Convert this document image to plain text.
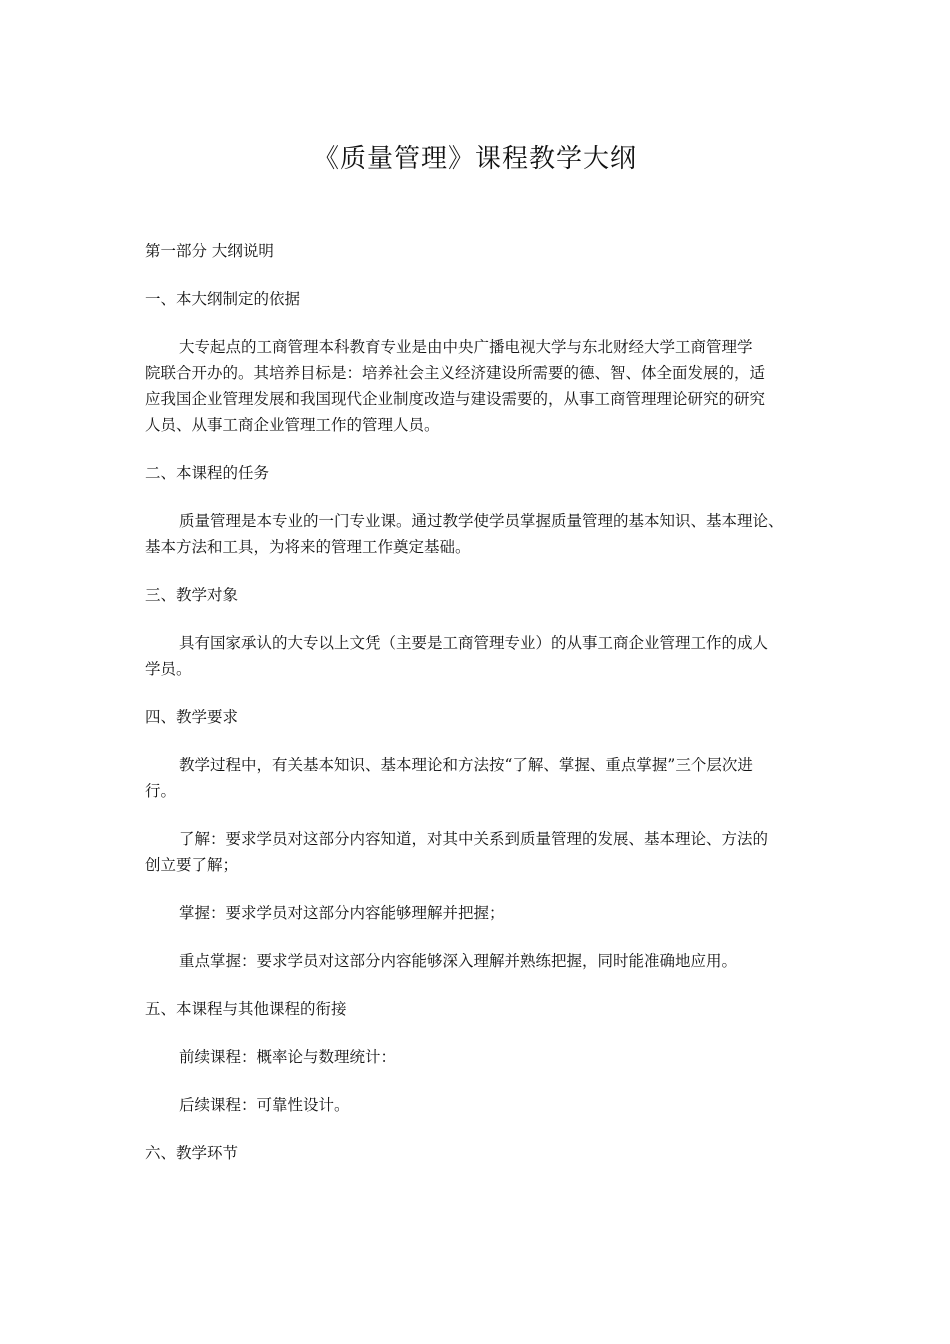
《质量管理》课程教学大纲

第一部分 大纲说明

一、本大纲制定的依据

大专起点的工商管理本科教育专业是由中央广播电视大学与东北财经大学工商管理学

院联合开办的。其培养目标是：培养社会主义经济建设所需要的德、智、体全面发展的，适

应我国企业管理发展和我国现代企业制度改造与建设需要的，从事工商管理理论研究的研究

人员、从事工商企业管理工作的管理人员。

二、本课程的任务

质量管理是本专业的一门专业课。通过教学使学员掌握质量管理的基本知识、基本理论、

基本方法和工具，为将来的管理工作奠定基础。

三、教学对象

具有国家承认的大专以上文凭（主要是工商管理专业）的从事工商企业管理工作的成人

学员。

四、教学要求

教学过程中，有关基本知识、基本理论和方法按“了解、掌握、重点掌握”三个层次进

行。

了解：要求学员对这部分内容知道，对其中关系到质量管理的发展、基本理论、方法的

创立要了解；

掌握：要求学员对这部分内容能够理解并把握；

重点掌握：要求学员对这部分内容能够深入理解并熟练把握，同时能准确地应用。

五、本课程与其他课程的衔接

前续课程：概率论与数理统计：

后续课程：可靠性设计。

六、教学环节
